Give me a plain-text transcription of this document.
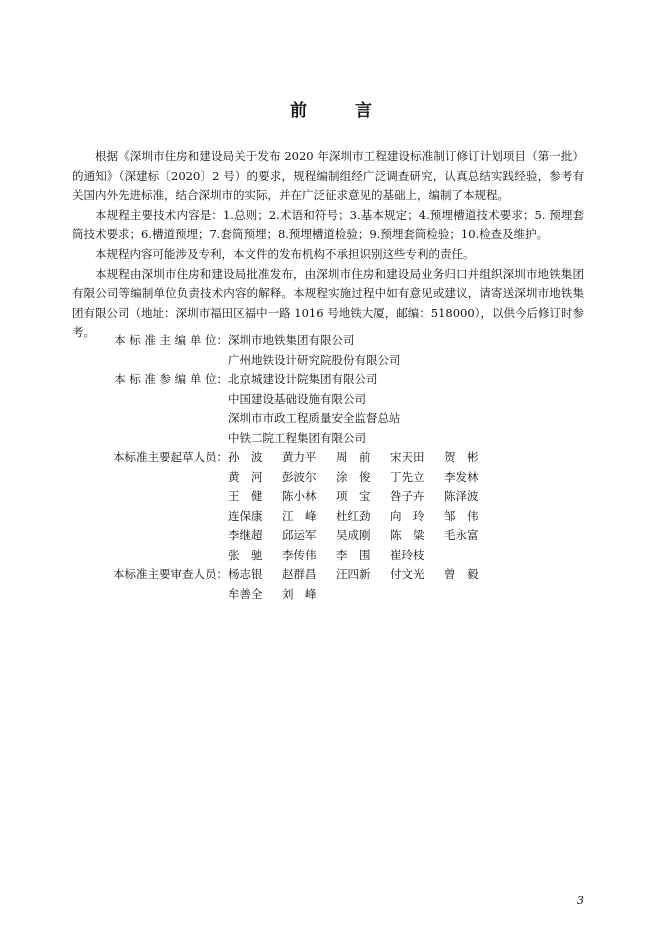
前	言

根据《深圳市住房和建设局关于发布 2020 年深圳市工程建设标准制订修订计划项目（第一批）的通知》（深建标〔2020〕2 号）的要求，规程编制组经广泛调查研究，认真总结实践经验，参考有关国内外先进标准，结合深圳市的实际，并在广泛征求意见的基础上，编制了本规程。

本规程主要技术内容是：1.总则；2.术语和符号；3.基本规定；4.预埋槽道技术要求；5. 预埋套筒技术要求；6.槽道预埋；7.套筒预埋；8.预埋槽道检验；9.预埋套筒检验；10.检查及维护。

本规程内容可能涉及专利，本文件的发布机构不承担识别这些专利的责任。

本规程由深圳市住房和建设局批准发布，由深圳市住房和建设局业务归口并组织深圳市地铁集团有限公司等编制单位负责技术内容的解释。本规程实施过程中如有意见或建议，请寄送深圳市地铁集团有限公司（地址：深圳市福田区福中一路 1016 号地铁大厦，邮编：518000），以供今后修订时参考。

本 标 准 主 编 单 位： 深圳市地铁集团有限公司
广州地铁设计研究院股份有限公司
本 标 准 参 编 单 位： 北京城建设计院集团有限公司
中国建设基础设施有限公司
深圳市市政工程质量安全监督总站
中铁二院工程集团有限公司
本标准主要起草人员： 孙　波	黄力平	周　前	宋天田	贺　彬
黄　河	彭波尔	涂　俊	丁先立	李发林
王　健	陈小林	项　宝	咎子卉	陈泽波
连保康	江　峰	杜红劲	向　玲	邹　伟
李继超	邱运军	吴成刚	陈　粱	毛永富
张　驰	李传伟	李　围	崔玲枝
本标准主要审查人员： 杨志银	赵群昌	汪四新	付文光	曾　毅
牟善全	刘　峰
3
